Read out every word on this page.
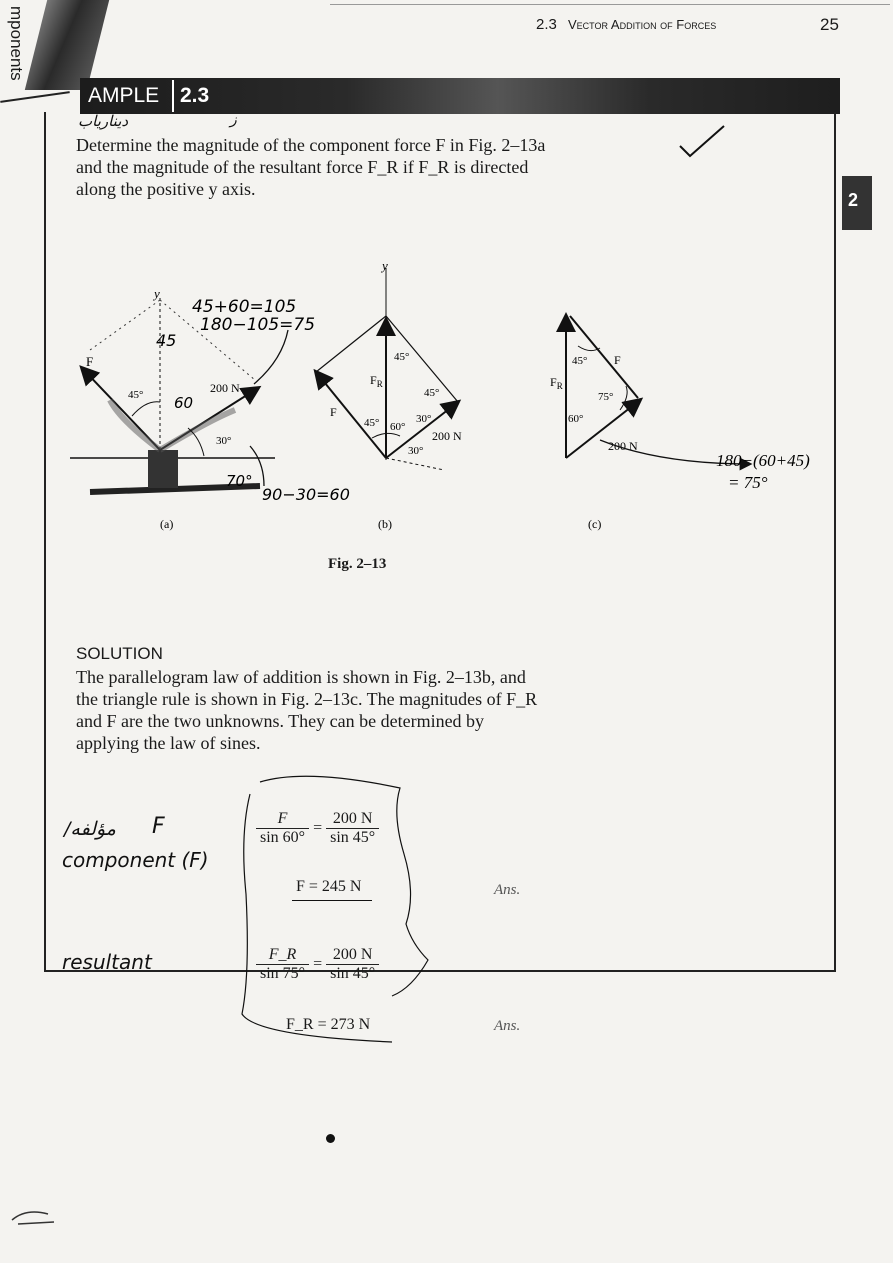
mponents	2.3 Vector Addition of Forces	25
2
AMPLE 2.3
دیناریاب	ز
Determine the magnitude of the component force F in Fig. 2–13a and the magnitude of the resultant force F_R if F_R is directed along the positive y axis.
y
F
200 N
45°
30°
45+60=105
180−105=75
45
60
70°
90−30=60
y
$F_R$
F
200 N
45°
45°
45° 60°
30°
30°
$F_R$
F
200 N
45°
75°
60°
180−(60+45)
= 75°
(a)	(b)	(c)
Fig. 2–13
SOLUTION
The parallelogram law of addition is shown in Fig. 2–13b, and the triangle rule is shown in Fig. 2–13c. The magnitudes of F_R and F are the two unknowns. They can be determined by applying the law of sines.
$\frac{F}{\sin 60^\circ} = \frac{200 N}{\sin 45^\circ}$
F = 245 N	Ans.
$\frac{F\_R}{\sin 75^\circ} = \frac{200 N}{\sin 45^\circ}$
F_R = 273 N	Ans.
/مؤلفه F
component (F)
resultant
